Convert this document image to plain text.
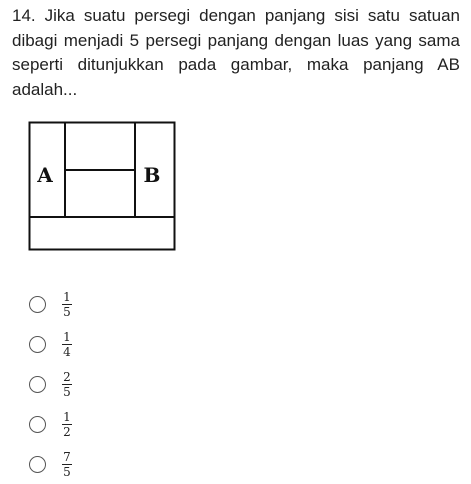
14. Jika suatu persegi dengan panjang sisi satu satuan dibagi menjadi 5 persegi panjang dengan luas yang sama seperti ditunjukkan pada gambar, maka panjang AB adalah...

A	B
$\frac{1}{5}$
$\frac{1}{4}$
$\frac{2}{5}$
$\frac{1}{2}$
$\frac{7}{5}$
